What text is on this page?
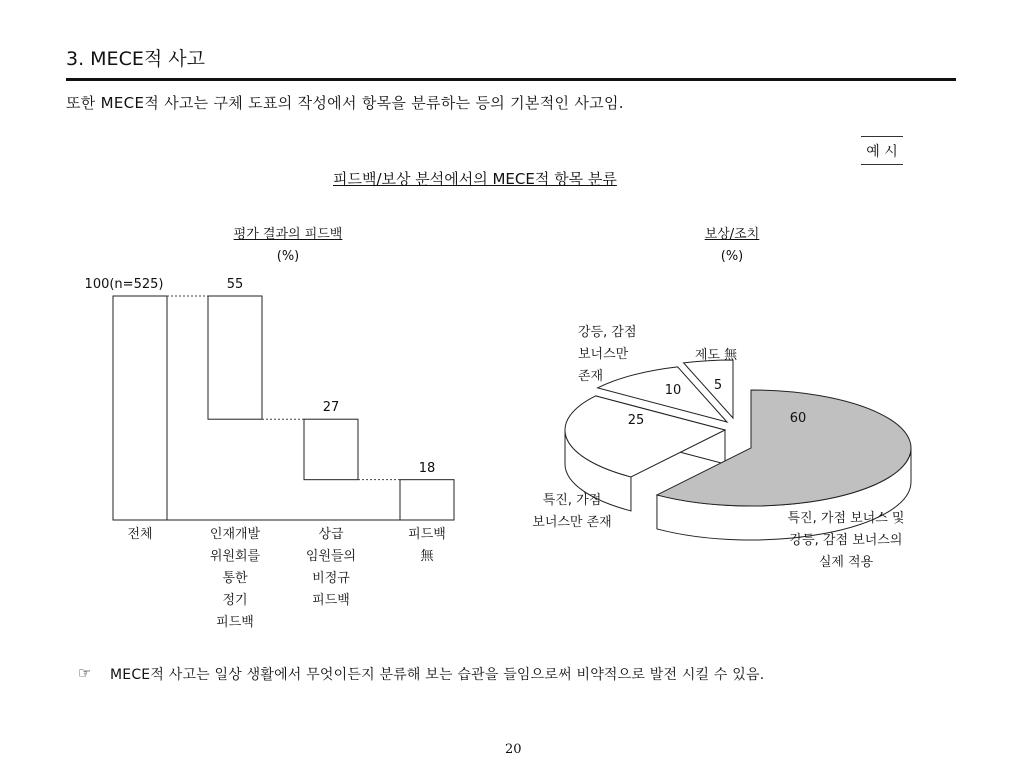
3. MECE적 사고
또한 MECE적 사고는 구체 도표의 작성에서 항목을 분류하는 등의 기본적인 사고임.
예 시
피드백/보상 분석에서의 MECE적 항목 분류
평가 결과의 피드백
(%)
100(n=525)
전체
55
인재개발
위원회를
통한
정기
피드백
27
상급
임원들의
비정규
피드백
18
피드백
無
보상/조치
(%)
60
25
10	5
특진, 가점 보너스 및
강등, 감점 보너스의
실제 적용
특진, 가점
보너스만 존재
강등, 감점
보너스만
존재
제도 無
☞ MECE적 사고는 일상 생활에서 무엇이든지 분류해 보는 습관을 들임으로써 비약적으로 발전 시킬 수 있음.
20
